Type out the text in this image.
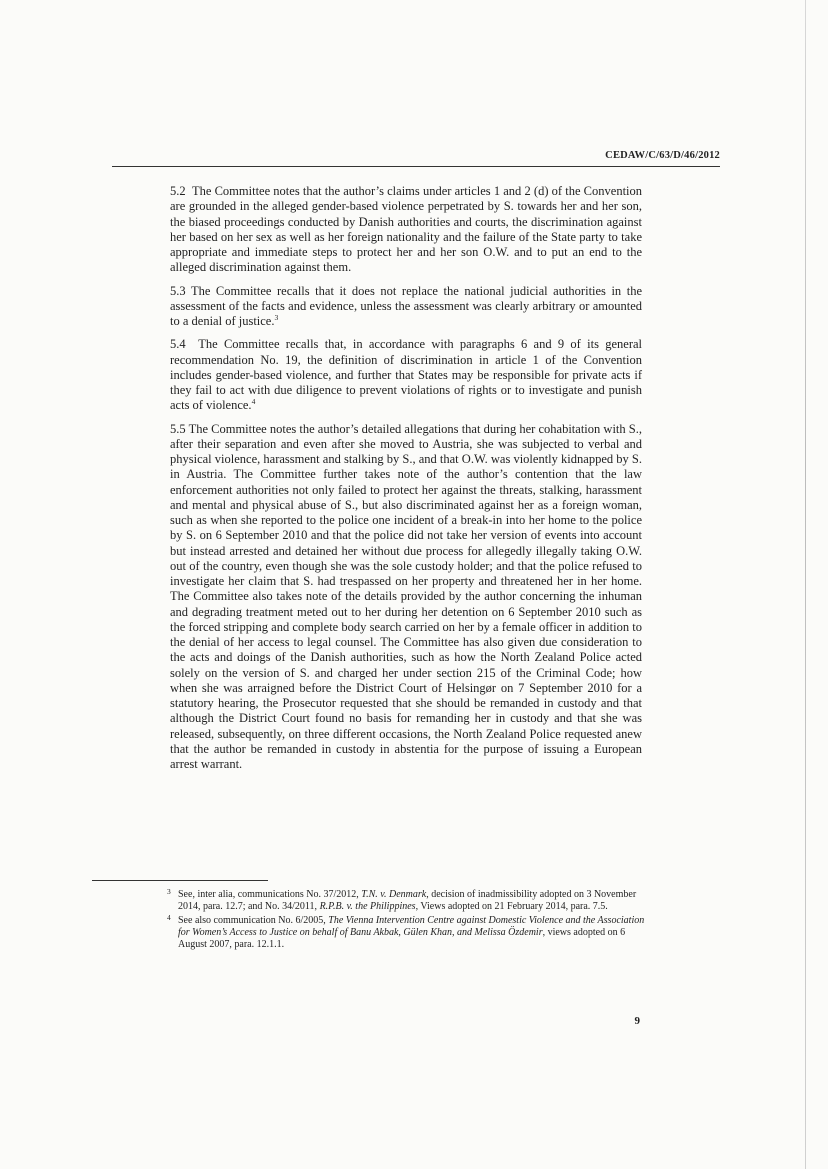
CEDAW/C/63/D/46/2012

5.2 The Committee notes that the author’s claims under articles 1 and 2 (d) of the Convention are grounded in the alleged gender-based violence perpetrated by S. towards her and her son, the biased proceedings conducted by Danish authorities and courts, the discrimination against her based on her sex as well as her foreign nationality and the failure of the State party to take appropriate and immediate steps to protect her and her son O.W. and to put an end to the alleged discrimination against them.

5.3 The Committee recalls that it does not replace the national judicial authorities in the assessment of the facts and evidence, unless the assessment was clearly arbitrary or amounted to a denial of justice.$^3$

5.4 The Committee recalls that, in accordance with paragraphs 6 and 9 of its general recommendation No. 19, the definition of discrimination in article 1 of the Convention includes gender-based violence, and further that States may be responsible for private acts if they fail to act with due diligence to prevent violations of rights or to investigate and punish acts of violence.$^4$

5.5 The Committee notes the author’s detailed allegations that during her cohabitation with S., after their separation and even after she moved to Austria, she was subjected to verbal and physical violence, harassment and stalking by S., and that O.W. was violently kidnapped by S. in Austria. The Committee further takes note of the author’s contention that the law enforcement authorities not only failed to protect her against the threats, stalking, harassment and mental and physical abuse of S., but also discriminated against her as a foreign woman, such as when she reported to the police one incident of a break-in into her home to the police by S. on 6 September 2010 and that the police did not take her version of events into account but instead arrested and detained her without due process for allegedly illegally taking O.W. out of the country, even though she was the sole custody holder; and that the police refused to investigate her claim that S. had trespassed on her property and threatened her in her home. The Committee also takes note of the details provided by the author concerning the inhuman and degrading treatment meted out to her during her detention on 6 September 2010 such as the forced stripping and complete body search carried on her by a female officer in addition to the denial of her access to legal counsel. The Committee has also given due consideration to the acts and doings of the Danish authorities, such as how the North Zealand Police acted solely on the version of S. and charged her under section 215 of the Criminal Code; how when she was arraigned before the District Court of Helsingør on 7 September 2010 for a statutory hearing, the Prosecutor requested that she should be remanded in custody and that although the District Court found no basis for remanding her in custody and that she was released, subsequently, on three different occasions, the North Zealand Police requested anew that the author be remanded in custody in abstentia for the purpose of issuing a European arrest warrant.

3 See, inter alia, communications No. 37/2012, T.N. v. Denmark, decision of inadmissibility adopted on 3 November 2014, para. 12.7; and No. 34/2011, R.P.B. v. the Philippines, Views adopted on 21 February 2014, para. 7.5.

4 See also communication No. 6/2005, The Vienna Intervention Centre against Domestic Violence and the Association for Women’s Access to Justice on behalf of Banu Akbak, Gülen Khan, and Melissa Özdemir, views adopted on 6 August 2007, para. 12.1.1.

9
